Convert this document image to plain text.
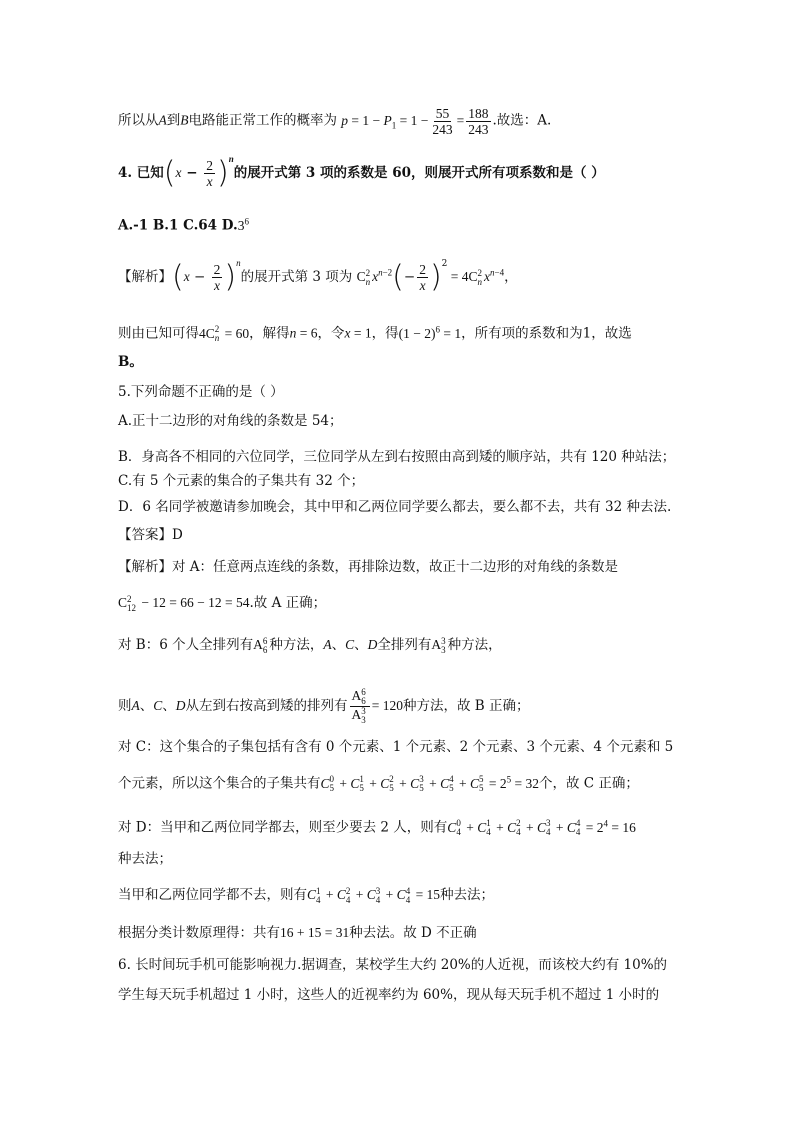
所以从A到B电路能正常工作的概率为 $p = 1 - P_1 = 1 - \frac{55}{243} = \frac{188}{243}$ .故选：A.
4. 已知$(x - \frac{2}{x} )^n$的展开式第 3 项的系数是 60，则展开式所有项系数和是（ ）
A.-1 B.1 C.64 $D.3^6$
【解析】$(x - \frac{2}{x} )^n$的展开式第 3 项为 C 2
n $x^{n-2}(- \frac{2}{x} )^2 = 4C$ 2
n $x^{n-4}$，
则由已知可得4C 2
n = 60，解得n = 6，令x = 1，得$(1 - 2)^6 = 1$，所有项的系数和为1，故选
B。
5.下列命题不正确的是（ ）
A.正十二边形的对角线的条数是 54；
B．身高各不相同的六位同学，三位同学从左到右按照由高到矮的顺序站，共有 120 种站法；
C.有 5 个元素的集合的子集共有 32 个；
D．6 名同学被邀请参加晚会，其中甲和乙两位同学要么都去，要么都不去，共有 32 种去法.
【答案】D
【解析】对 A：任意两点连线的条数，再排除边数，故正十二边形的对角线的条数是
C 2
12 − 12 = 66 − 12 = 54.故 A 正确；
对 B：6 个人全排列有A 6
6 种方法，A、C、D全排列有A 3
3 种方法，
则A、C、D从左到右按高到矮的排列有 A 6
6
A 3
3 = 120种方法，故 B 正确；
对 C：这个集合的子集包括有含有 0 个元素、1 个元素、2 个元素、3 个元素、4 个元素和 5
个元素，所以这个集合的子集共有C 0
5 + C 1
5 + C 2
5 + C 3
5 + C 4
5 + C 5
$5 = 2^5 = 32$个，故 C 正确；
对 D：当甲和乙两位同学都去，则至少要去 2 人，则有C 0
4 + C 1
4 + C 2
4 + C 3
4 + C 4
$4 = 2^4 = 16$
种去法；
当甲和乙两位同学都不去，则有C 1
4 + C 2
4 + C 3
4 + C 4
4 = 15种去法；
根据分类计数原理得：共有16 + 15 = 31种去法。故 D 不正确
6. 长时间玩手机可能影响视力.据调查，某校学生大约 20%的人近视，而该校大约有 10%的
学生每天玩手机超过 1 小时，这些人的近视率约为 60%，现从每天玩手机不超过 1 小时的
